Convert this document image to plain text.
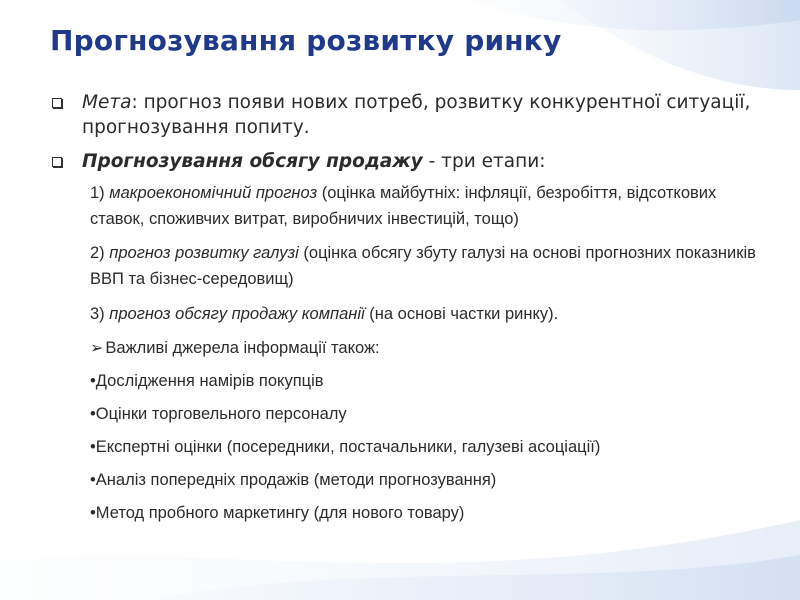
Прогнозування розвитку ринку
Мета: прогноз появи нових потреб, розвитку конкурентної ситуації, прогнозування попиту.
Прогнозування обсягу продажу - три етапи:
1) макроекономічний прогноз (оцінка майбутніх: інфляції, безробіття, відсоткових ставок, споживчих витрат, виробничих інвестицій, тощо)
2) прогноз розвитку галузі (оцінка обсягу збуту галузі на основі прогнозних показників ВВП та бізнес-середовищ)
3) прогноз обсягу продажу компанії (на основі частки ринку).
➢ Важливі джерела інформації також:
•Дослідження намірів покупців
•Оцінки торговельного персоналу
•Експертні оцінки (посередники, постачальники, галузеві асоціації)
•Аналіз попередніх продажів (методи прогнозування)
•Метод пробного маркетингу (для нового товару)
